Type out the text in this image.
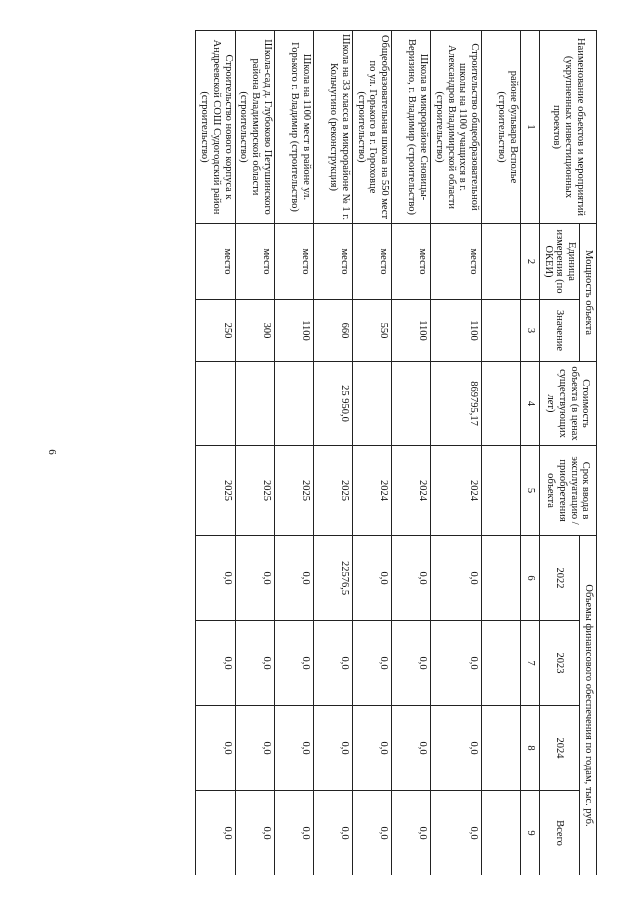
6
Наименование объектов и мероприятий (укрупненных инвестиционных проектов)	Мощность объекта		Стоимость объекта (в ценах существующих лет)	Срок ввода в эксплуатацию / приобретения объекта	Объемы финансового обеспечения по годам, тыс. руб.			
	Единица измерения (по ОКЕИ)	Значение			2022	2023	2024	Всего
1	2	3	4	5	6	7	8	9
районе бульвара Всполье (строительство)								
Строительство общеобразовательной школы на 1100 учащихся в г. Александров Владимирской области (строительство)	место	1100	869795,17	2024	0,0	0,0	0,0	0,0
Школа в микрорайоне Сновицы-Веризино, г. Владимир (строительство)	место	1100		2024	0,0	0,0	0,0	0,0
Общеобразовательная школа на 550 мест по ул. Горького в г. Гороховце (строительство)	место	550		2024	0,0	0,0	0,0	0,0
Школа на 33 класса в микрорайоне № 1 г. Кольчугино (реконструкция)	место	660	25 950,0	2025	22576,5	0,0	0,0	0,0
Школа на 1100 мест в районе ул. Горького г. Владимир (строительство)	место	1100		2025	0,0	0,0	0,0	0,0
Школа-сад д. Глубоково Петушинского района Владимирской области (строительство)	место	300		2025	0,0	0,0	0,0	0,0
Строительство нового корпуса к Андреевской СОШ Судогодский район (строительство)	место	250		2025	0,0	0,0	0,0	0,0
